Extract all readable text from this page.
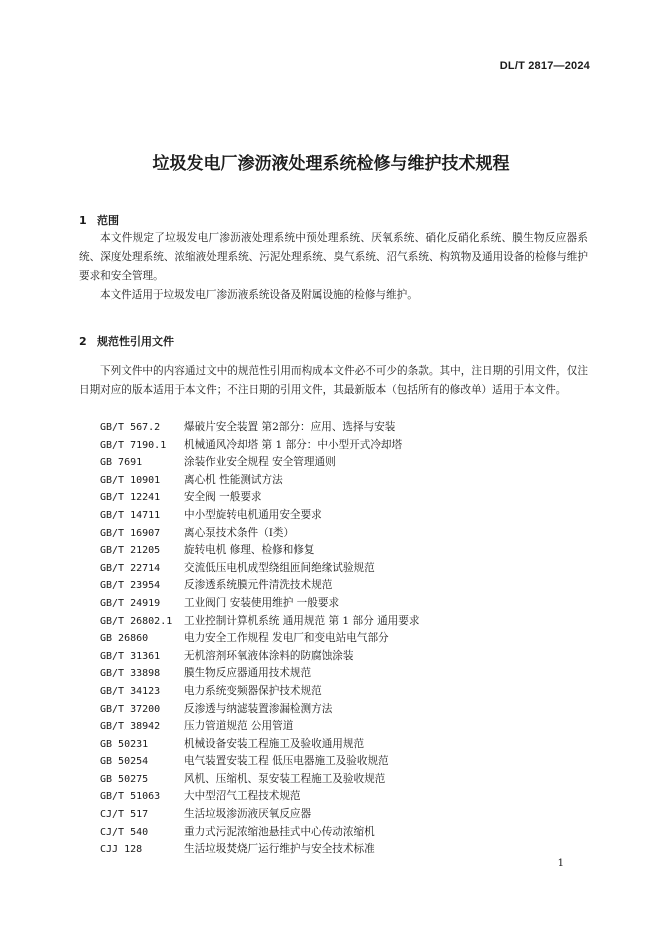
DL/T 2817—2024
垃圾发电厂渗沥液处理系统检修与维护技术规程
1 范围

本文件规定了垃圾发电厂渗沥液处理系统中预处理系统、厌氧系统、硝化反硝化系统、膜生物反应器系统、深度处理系统、浓缩液处理系统、污泥处理系统、臭气系统、沼气系统、构筑物及通用设备的检修与维护要求和安全管理。

本文件适用于垃圾发电厂渗沥液系统设备及附属设施的检修与维护。

2 规范性引用文件

下列文件中的内容通过文中的规范性引用而构成本文件必不可少的条款。其中，注日期的引用文件，仅注日期对应的版本适用于本文件；不注日期的引用文件，其最新版本（包括所有的修改单）适用于本文件。

GB/T 567.2 爆破片安全装置 第2部分：应用、选择与安装
GB/T 7190.1 机械通风冷却塔 第 1 部分：中小型开式冷却塔
GB 7691	涂装作业安全规程 安全管理通则
GB/T 10901 离心机 性能测试方法
GB/T 12241 安全阀 一般要求
GB/T 14711 中小型旋转电机通用安全要求
GB/T 16907 离心泵技术条件（Ⅰ类）
GB/T 21205 旋转电机 修理、检修和修复
GB/T 22714 交流低压电机成型绕组匝间绝缘试验规范
GB/T 23954 反渗透系统膜元件清洗技术规范
GB/T 24919 工业阀门 安装使用维护 一般要求
GB/T 26802.1 工业控制计算机系统 通用规范 第 1 部分 通用要求
GB 26860	电力安全工作规程 发电厂和变电站电气部分
GB/T 31361 无机溶剂环氧液体涂料的防腐蚀涂装
GB/T 33898 膜生物反应器通用技术规范
GB/T 34123 电力系统变频器保护技术规范
GB/T 37200 反渗透与纳滤装置渗漏检测方法
GB/T 38942 压力管道规范 公用管道
GB 50231	机械设备安装工程施工及验收通用规范
GB 50254	电气装置安装工程 低压电器施工及验收规范
GB 50275	风机、压缩机、泵安装工程施工及验收规范
GB/T 51063 大中型沼气工程技术规范
CJ/T 517	生活垃圾渗沥液厌氧反应器
CJ/T 540	重力式污泥浓缩池悬挂式中心传动浓缩机
CJJ 128	生活垃圾焚烧厂运行维护与安全技术标准
1
